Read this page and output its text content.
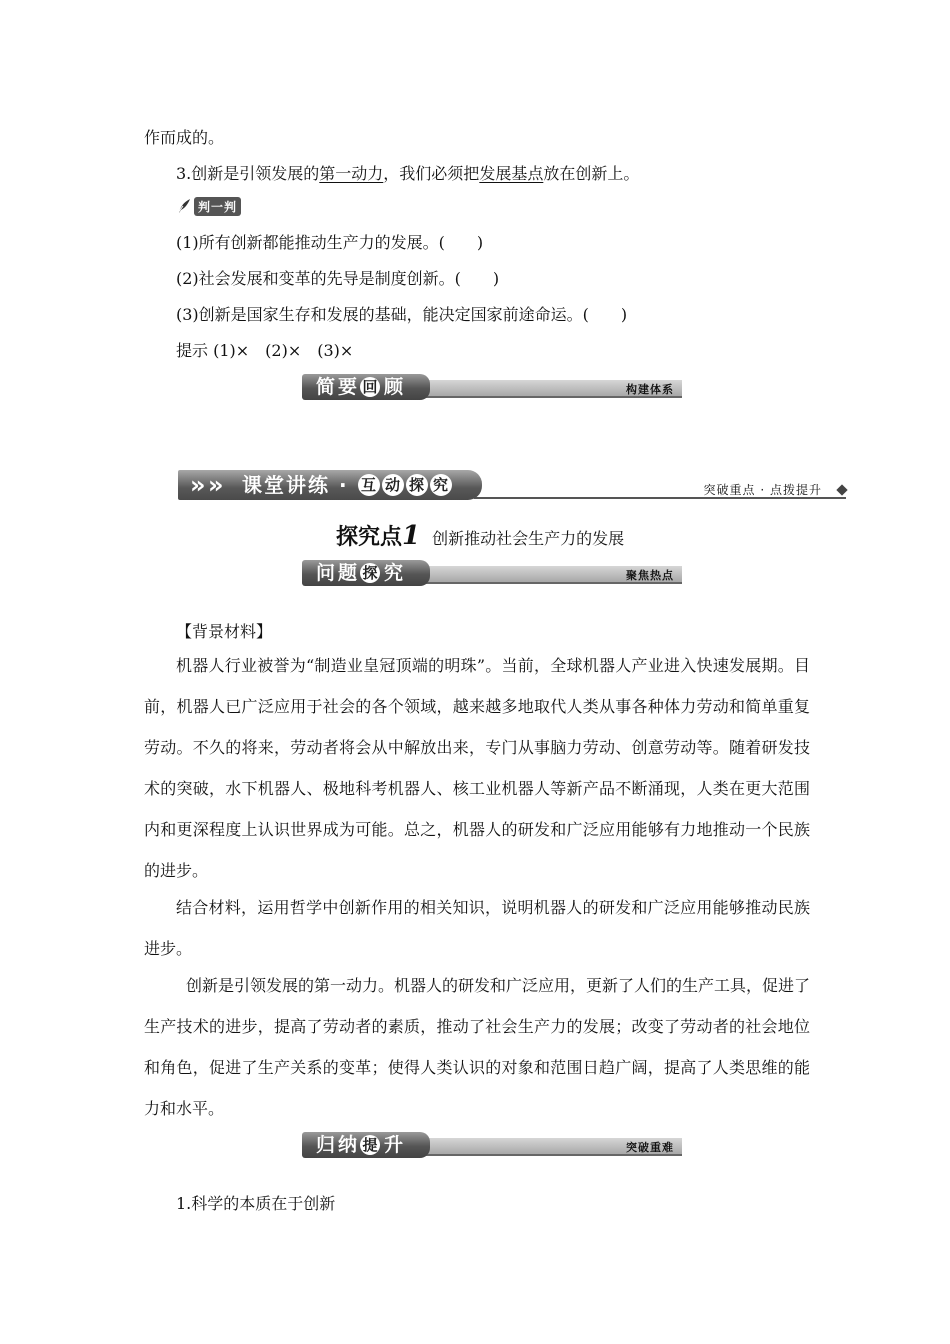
作而成的。
3.创新是引领发展的第一动力，我们必须把发展基点放在创新上。
判一判
(1)所有创新都能推动生产力的发展。(　　)
(2)社会发展和变革的先导是制度创新。(　　)
(3)创新是国家生存和发展的基础，能决定国家前途命运。(　　)
提示 (1)×　(2)×　(3)×
简要 回 顾	构建体系
» » 课堂讲练 · 互 动 探 究	突破重点 · 点拨提升
探究点1 创新推动社会生产力的发展
问题 探 究	聚焦热点
【背景材料】
机器人行业被誉为“制造业皇冠顶端的明珠”。当前，全球机器人产业进入快速发展期。目前，机器人已广泛应用于社会的各个领域，越来越多地取代人类从事各种体力劳动和简单重复劳动。不久的将来，劳动者将会从中解放出来，专门从事脑力劳动、创意劳动等。随着研发技术的突破，水下机器人、极地科考机器人、核工业机器人等新产品不断涌现，人类在更大范围内和更深程度上认识世界成为可能。总之，机器人的研发和广泛应用能够有力地推动一个民族的进步。
结合材料，运用哲学中创新作用的相关知识，说明机器人的研发和广泛应用能够推动民族进步。
创新是引领发展的第一动力。机器人的研发和广泛应用，更新了人们的生产工具，促进了生产技术的进步，提高了劳动者的素质，推动了社会生产力的发展；改变了劳动者的社会地位和角色，促进了生产关系的变革；使得人类认识的对象和范围日趋广阔，提高了人类思维的能力和水平。
归纳 提 升	突破重难
1.科学的本质在于创新
